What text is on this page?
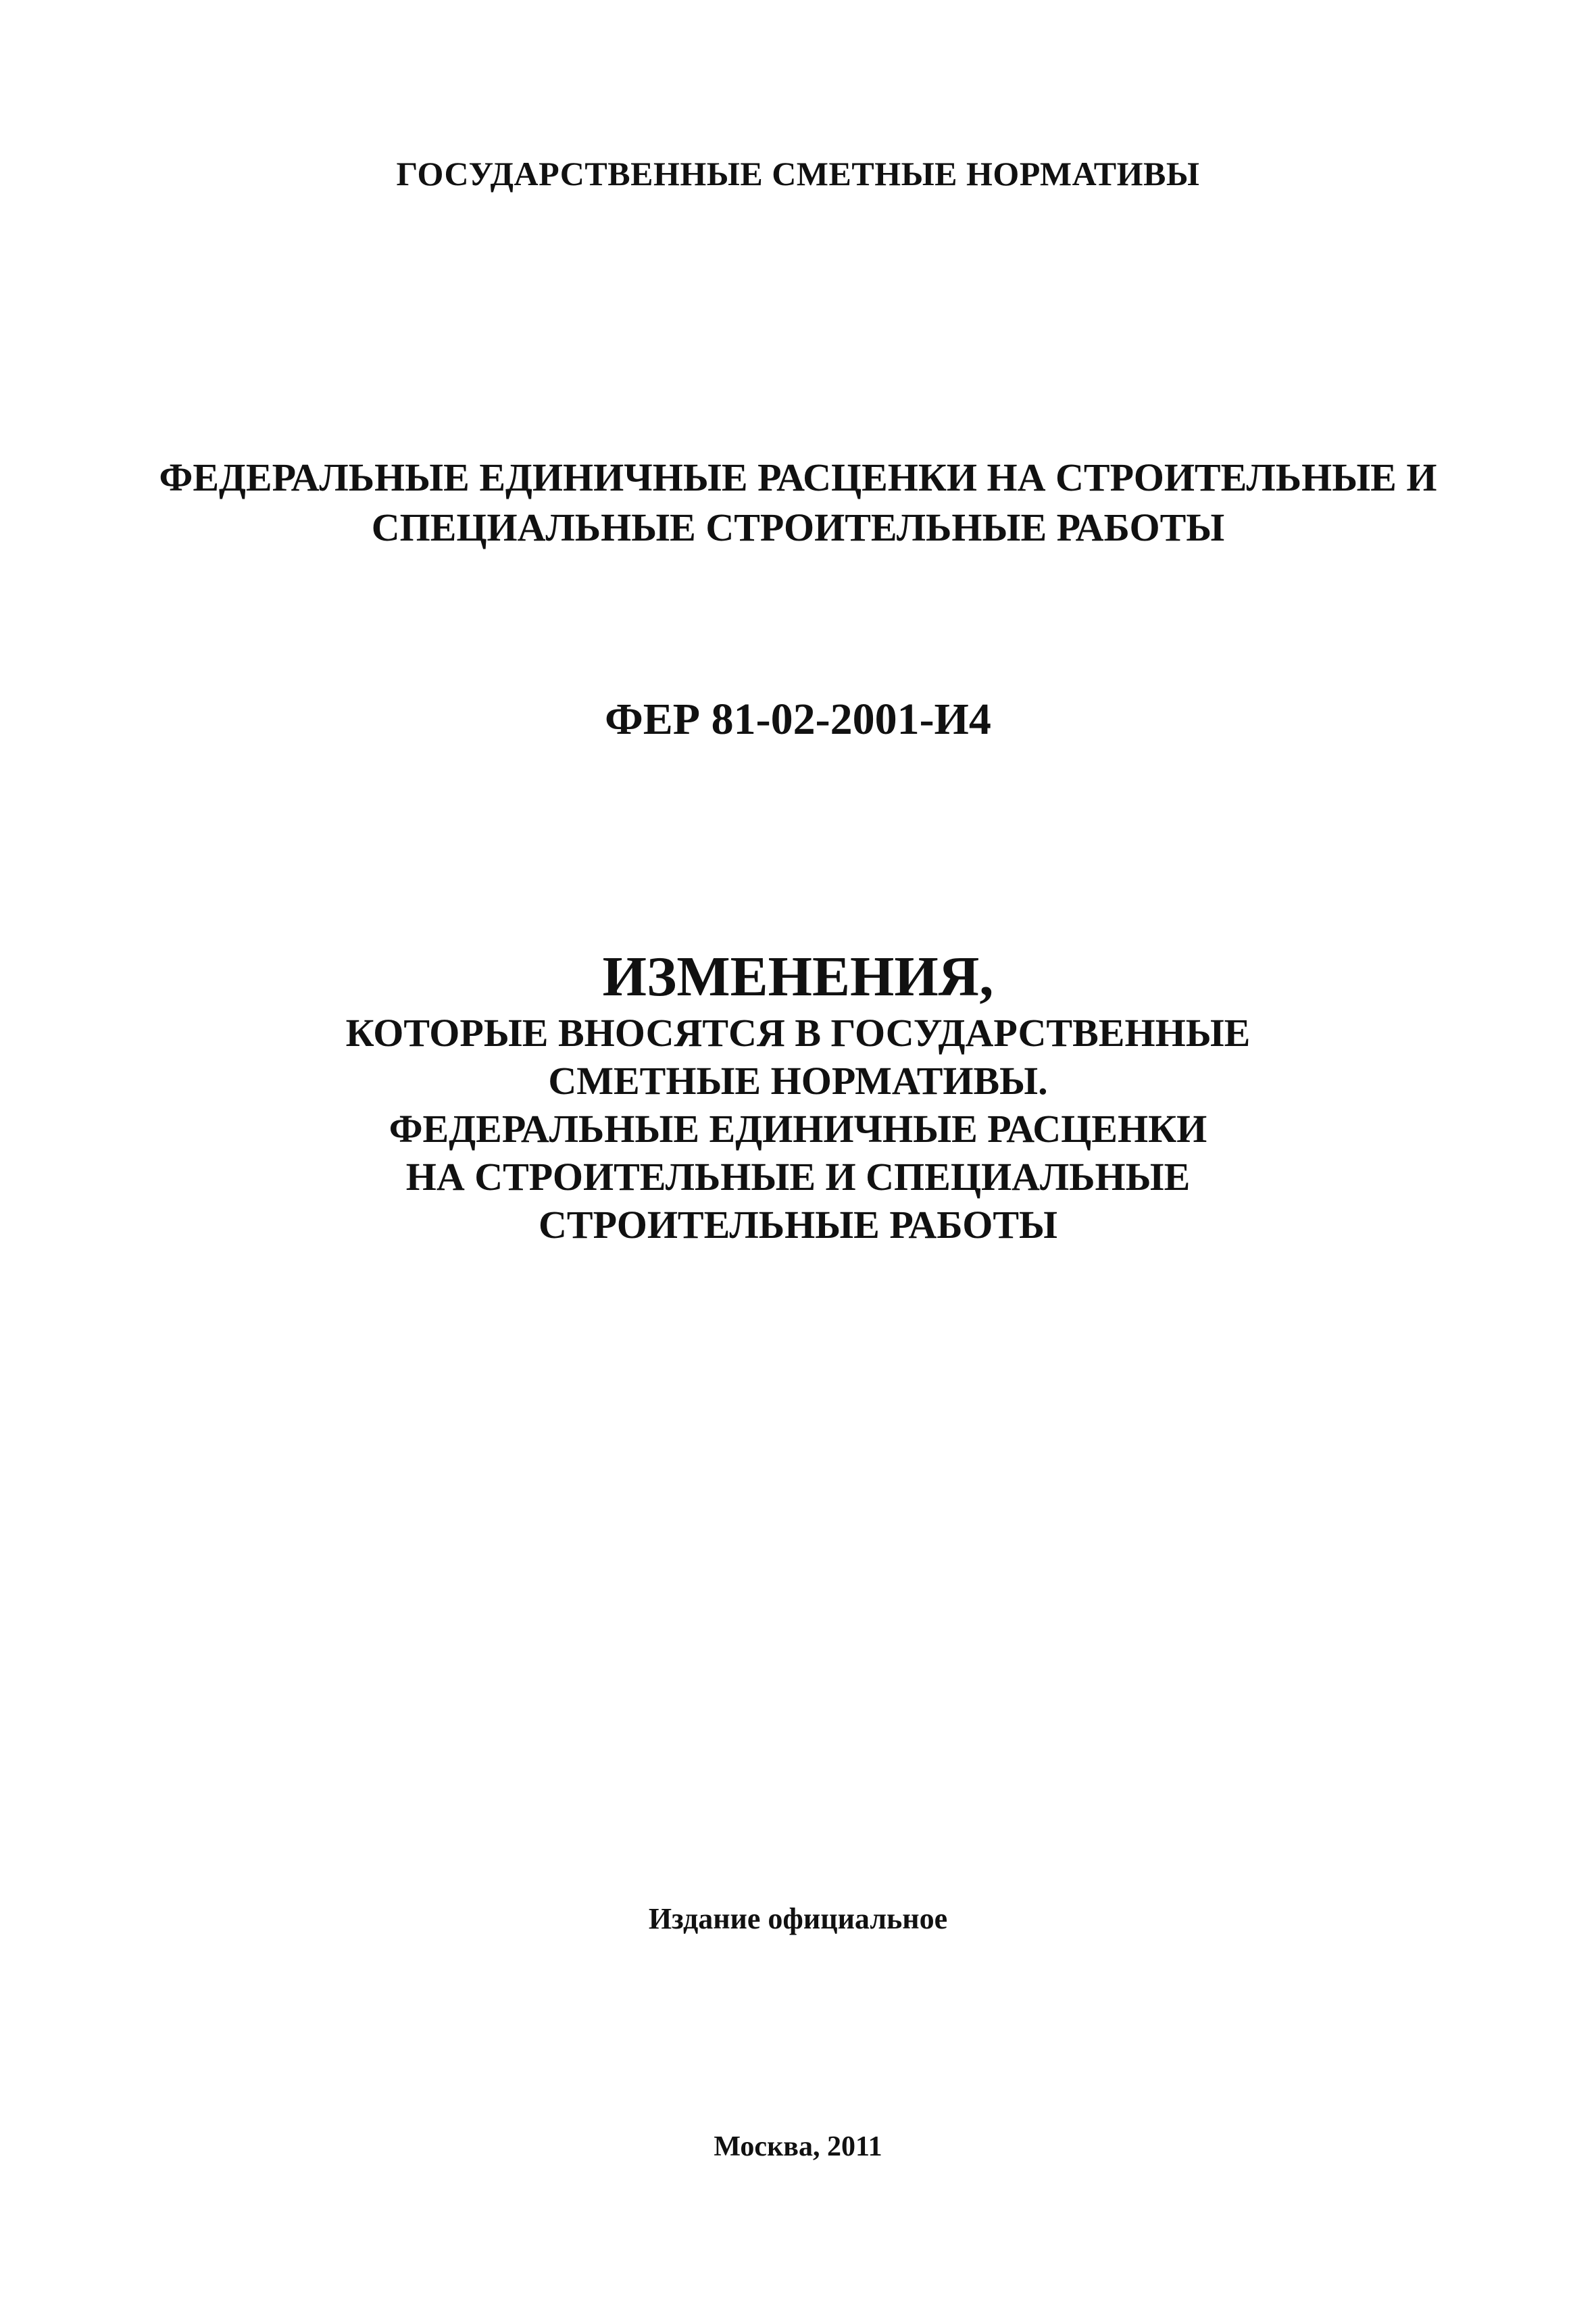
ГОСУДАРСТВЕННЫЕ СМЕТНЫЕ НОРМАТИВЫ
ФЕДЕРАЛЬНЫЕ ЕДИНИЧНЫЕ РАСЦЕНКИ НА СТРОИТЕЛЬНЫЕ И
СПЕЦИАЛЬНЫЕ СТРОИТЕЛЬНЫЕ РАБОТЫ
ФЕР 81-02-2001-И4
ИЗМЕНЕНИЯ,
КОТОРЫЕ ВНОСЯТСЯ В ГОСУДАРСТВЕННЫЕ
СМЕТНЫЕ НОРМАТИВЫ.
ФЕДЕРАЛЬНЫЕ ЕДИНИЧНЫЕ РАСЦЕНКИ
НА СТРОИТЕЛЬНЫЕ И СПЕЦИАЛЬНЫЕ
СТРОИТЕЛЬНЫЕ РАБОТЫ
Издание официальное
Москва, 2011
